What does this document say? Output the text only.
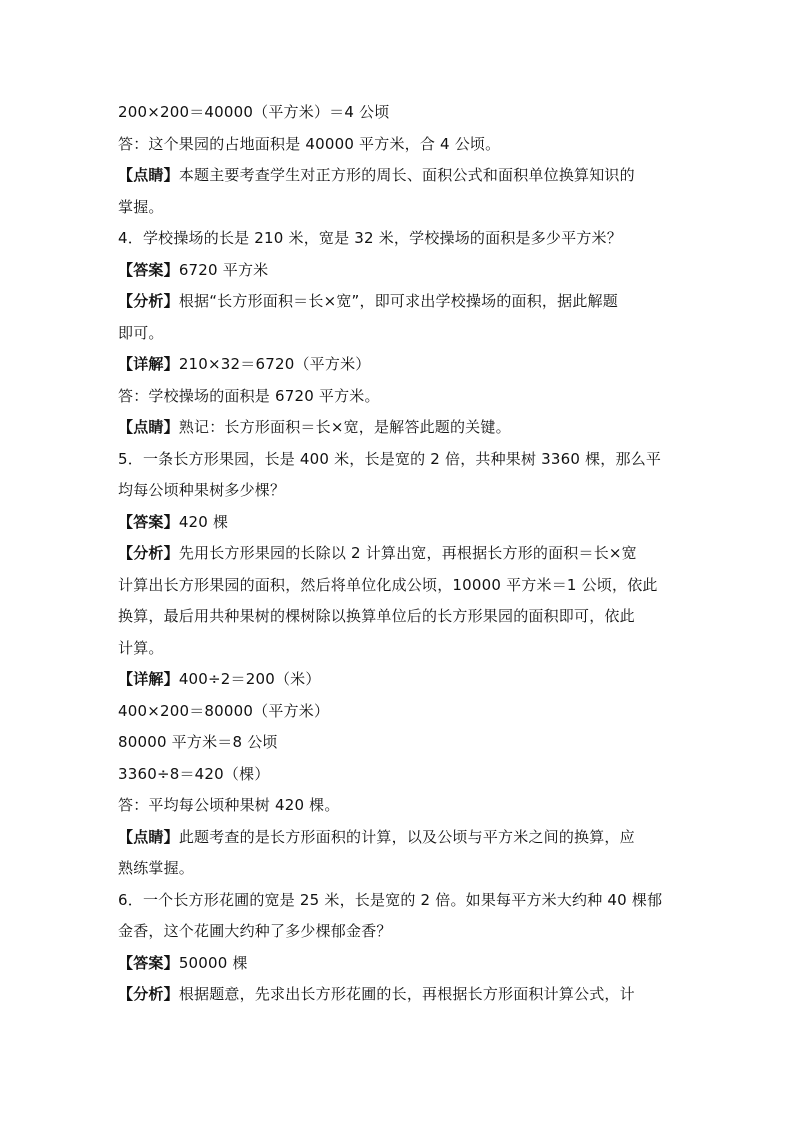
200×200＝40000（平方米）＝4 公顷
答：这个果园的占地面积是 40000 平方米，合 4 公顷。
【点睛】本题主要考查学生对正方形的周长、面积公式和面积单位换算知识的
掌握。
4．学校操场的长是 210 米，宽是 32 米，学校操场的面积是多少平方米？
【答案】6720 平方米
【分析】根据“长方形面积＝长×宽”，即可求出学校操场的面积，据此解题
即可。
【详解】210×32＝6720（平方米）
答：学校操场的面积是 6720 平方米。
【点睛】熟记：长方形面积＝长×宽，是解答此题的关键。
5．一条长方形果园，长是 400 米，长是宽的 2 倍，共种果树 3360 棵，那么平
均每公顷种果树多少棵？
【答案】420 棵
【分析】先用长方形果园的长除以 2 计算出宽，再根据长方形的面积＝长×宽
计算出长方形果园的面积，然后将单位化成公顷，10000 平方米＝1 公顷，依此
换算，最后用共种果树的棵树除以换算单位后的长方形果园的面积即可，依此
计算。
【详解】400÷2＝200（米）
400×200＝80000（平方米）
80000 平方米＝8 公顷
3360÷8＝420（棵）
答：平均每公顷种果树 420 棵。
【点睛】此题考查的是长方形面积的计算，以及公顷与平方米之间的换算，应
熟练掌握。
6．一个长方形花圃的宽是 25 米，长是宽的 2 倍。如果每平方米大约种 40 棵郁
金香，这个花圃大约种了多少棵郁金香？
【答案】50000 棵
【分析】根据题意，先求出长方形花圃的长，再根据长方形面积计算公式，计
